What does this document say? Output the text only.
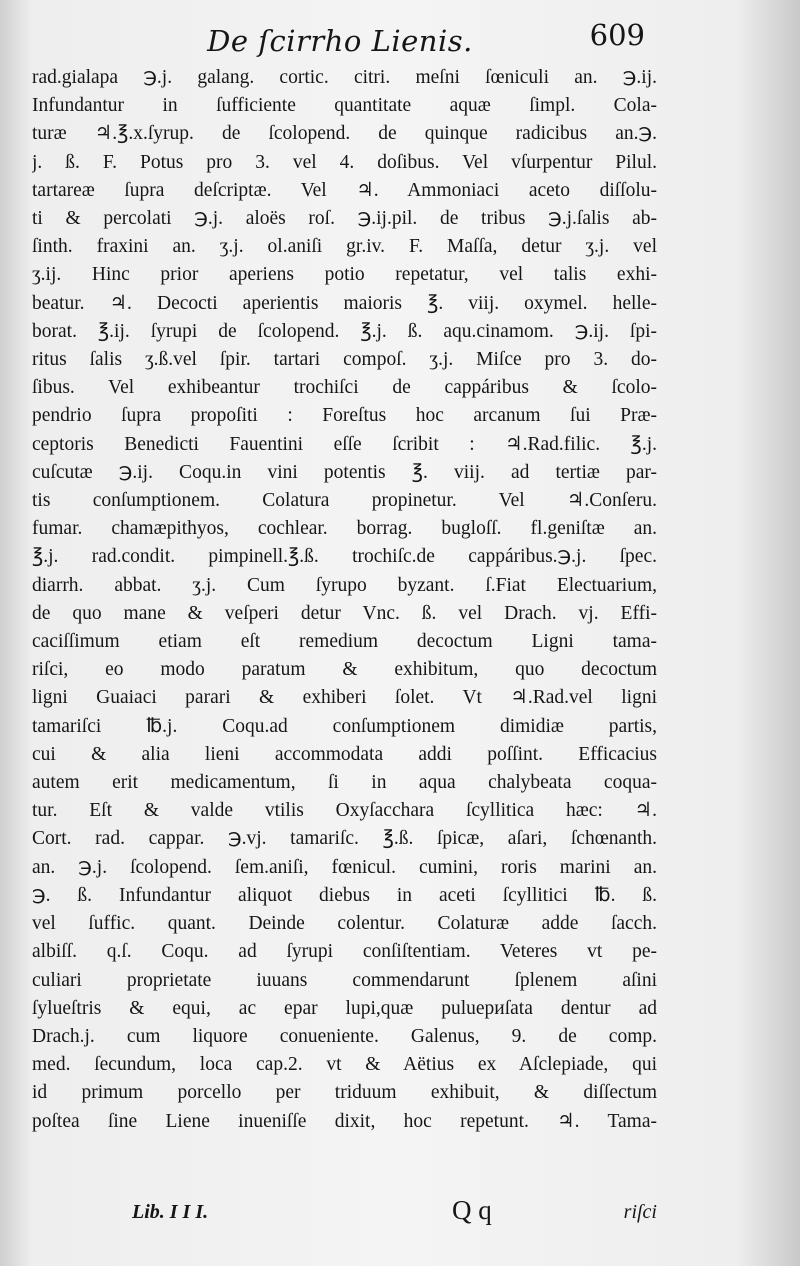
De ſcirrho Lienis.	609
rad.gialapa ℈.j. galang. cortic. citri. meſni ſœniculi an. ℈.ij.
Infundantur in ſufficiente quantitate aquæ ſimpl. Cola-
turæ ♃.℥.x.ſyrup. de ſcolopend. de quinque radicibus an.℈.
j. ß. F. Potus pro 3. vel 4. doſibus. Vel vſurpentur Pilul.
tartareæ ſupra deſcriptæ. Vel ♃. Ammoniaci aceto diſſolu-
ti & percolati ℈.j. aloës roſ. ℈.ij.pil. de tribus ℈.j.ſalis ab-
ſinth. fraxini an. ʒ.j. ol.aniſi gr.iv. F. Maſſa, detur ʒ.j. vel
ʒ.ij. Hinc prior aperiens potio repetatur, vel talis exhi-
beatur. ♃. Decocti aperientis maioris ℥. viij. oxymel. helle-
borat. ℥.ij. ſyrupi de ſcolopend. ℥.j. ß. aqu.cinamom. ℈.ij. ſpi-
ritus ſalis ʒ.ß.vel ſpir. tartari compoſ. ʒ.j. Miſce pro 3. do-
ſibus. Vel exhibeantur trochiſci de cappáribus & ſcolo-
pendrio ſupra propoſiti : Foreſtus hoc arcanum ſui Præ-
ceptoris Benedicti Fauentini eſſe ſcribit : ♃.Rad.filic. ℥.j.
cuſcutæ ℈.ij. Coqu.in vini potentis ℥. viij. ad tertiæ par-
tis conſumptionem. Colatura propinetur. Vel ♃.Conſeru.
fumar. chamæpithyos, cochlear. borrag. bugloſſ. fl.geniſtæ an.
℥.j. rad.condit. pimpinell.℥.ß. trochiſc.de cappáribus.℈.j. ſpec.
diarrh. abbat. ʒ.j. Cum ſyrupo byzant. ſ.Fiat Electuarium,
de quo mane & veſperi detur Vnc. ß. vel Drach. vj. Effi-
caciſſimum etiam eſt remedium decoctum Ligni tama-
riſci, eo modo paratum & exhibitum, quo decoctum
ligni Guaiaci parari & exhiberi ſolet. Vt ♃.Rad.vel ligni
tamariſci ℔.j. Coqu.ad conſumptionem dimidiæ partis,
cui & alia lieni accommodata addi poſſint. Efficacius
autem erit medicamentum, ſi in aqua chalybeata coqua-
tur. Eſt & valde vtilis Oxyſacchara ſcyllitica hæc: ♃.
Cort. rad. cappar. ℈.vj. tamariſc. ℥.ß. ſpicæ, aſari, ſchœnanth.
an. ℈.j. ſcolopend. ſem.aniſi, fœnicul. cumini, roris marini an.
℈. ß. Infundantur aliquot diebus in aceti ſcyllitici ℔. ß.
vel ſuffic. quant. Deinde colentur. Colaturæ adde ſacch.
albiſſ. q.ſ. Coqu. ad ſyrupi conſiſtentiam. Veteres vt pe-
culiari proprietate iuuans commendarunt ſplenem aſini
ſylueſtris & equi, ac epar lupi,quæ puluериſata dentur ad
Drach.j. cum liquore conueniente. Galenus, 9. de comp.
med. ſecundum, loca cap.2. vt & Aëtius ex Aſclepiade, qui
id primum porcello per triduum exhibuit, & diſſectum
poſtea ſine Liene inueniſſe dixit, hoc repetunt. ♃. Tama-
Lib. I I I.	Q q	riſci
